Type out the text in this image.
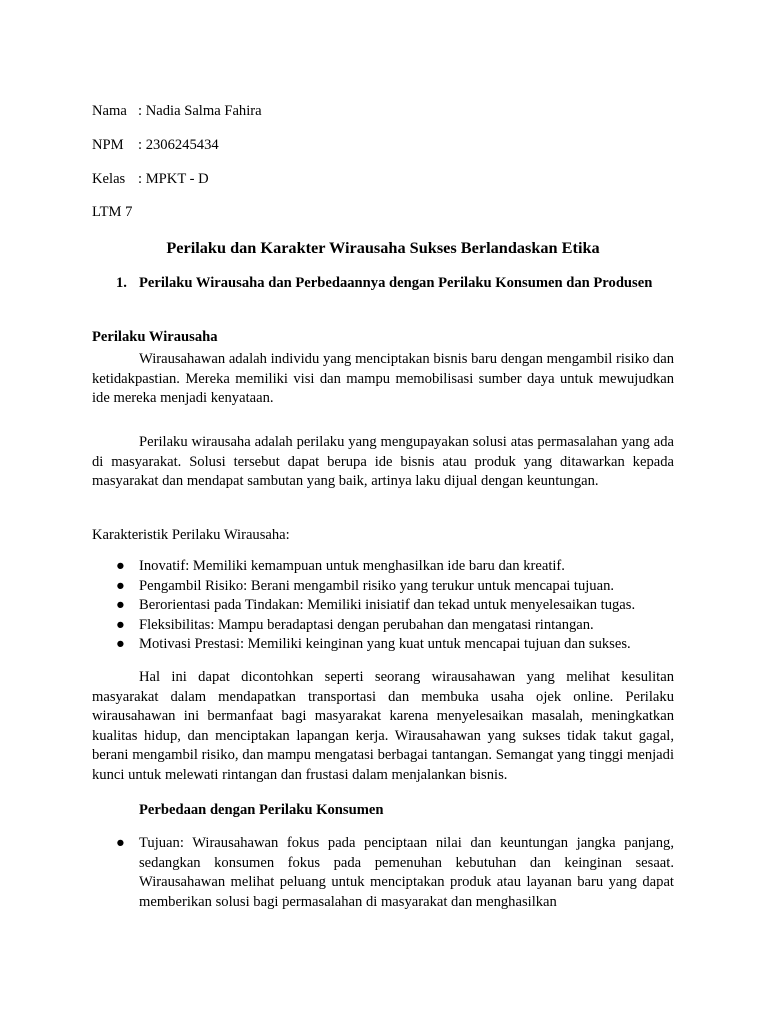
Nama : Nadia Salma Fahira
NPM : 2306245434
Kelas : MPKT - D
LTM 7
Perilaku dan Karakter Wirausaha Sukses Berlandaskan Etika
1. Perilaku Wirausaha dan Perbedaannya dengan Perilaku Konsumen dan Produsen
Perilaku Wirausaha

Wirausahawan adalah individu yang menciptakan bisnis baru dengan mengambil risiko dan ketidakpastian. Mereka memiliki visi dan mampu memobilisasi sumber daya untuk mewujudkan ide mereka menjadi kenyataan.

Perilaku wirausaha adalah perilaku yang mengupayakan solusi atas permasalahan yang ada di masyarakat. Solusi tersebut dapat berupa ide bisnis atau produk yang ditawarkan kepada masyarakat dan mendapat sambutan yang baik, artinya laku dijual dengan keuntungan.

Karakteristik Perilaku Wirausaha:
● Inovatif: Memiliki kemampuan untuk menghasilkan ide baru dan kreatif.
● Pengambil Risiko: Berani mengambil risiko yang terukur untuk mencapai tujuan.
● Berorientasi pada Tindakan: Memiliki inisiatif dan tekad untuk menyelesaikan tugas.
● Fleksibilitas: Mampu beradaptasi dengan perubahan dan mengatasi rintangan.
● Motivasi Prestasi: Memiliki keinginan yang kuat untuk mencapai tujuan dan sukses.

Hal ini dapat dicontohkan seperti seorang wirausahawan yang melihat kesulitan masyarakat dalam mendapatkan transportasi dan membuka usaha ojek online. Perilaku wirausahawan ini bermanfaat bagi masyarakat karena menyelesaikan masalah, meningkatkan kualitas hidup, dan menciptakan lapangan kerja. Wirausahawan yang sukses tidak takut gagal, berani mengambil risiko, dan mampu mengatasi berbagai tantangan. Semangat yang tinggi menjadi kunci untuk melewati rintangan dan frustasi dalam menjalankan bisnis.

Perbedaan dengan Perilaku Konsumen
● Tujuan: Wirausahawan fokus pada penciptaan nilai dan keuntungan jangka panjang, sedangkan konsumen fokus pada pemenuhan kebutuhan dan keinginan sesaat. Wirausahawan melihat peluang untuk menciptakan produk atau layanan baru yang dapat memberikan solusi bagi permasalahan di masyarakat dan menghasilkan
